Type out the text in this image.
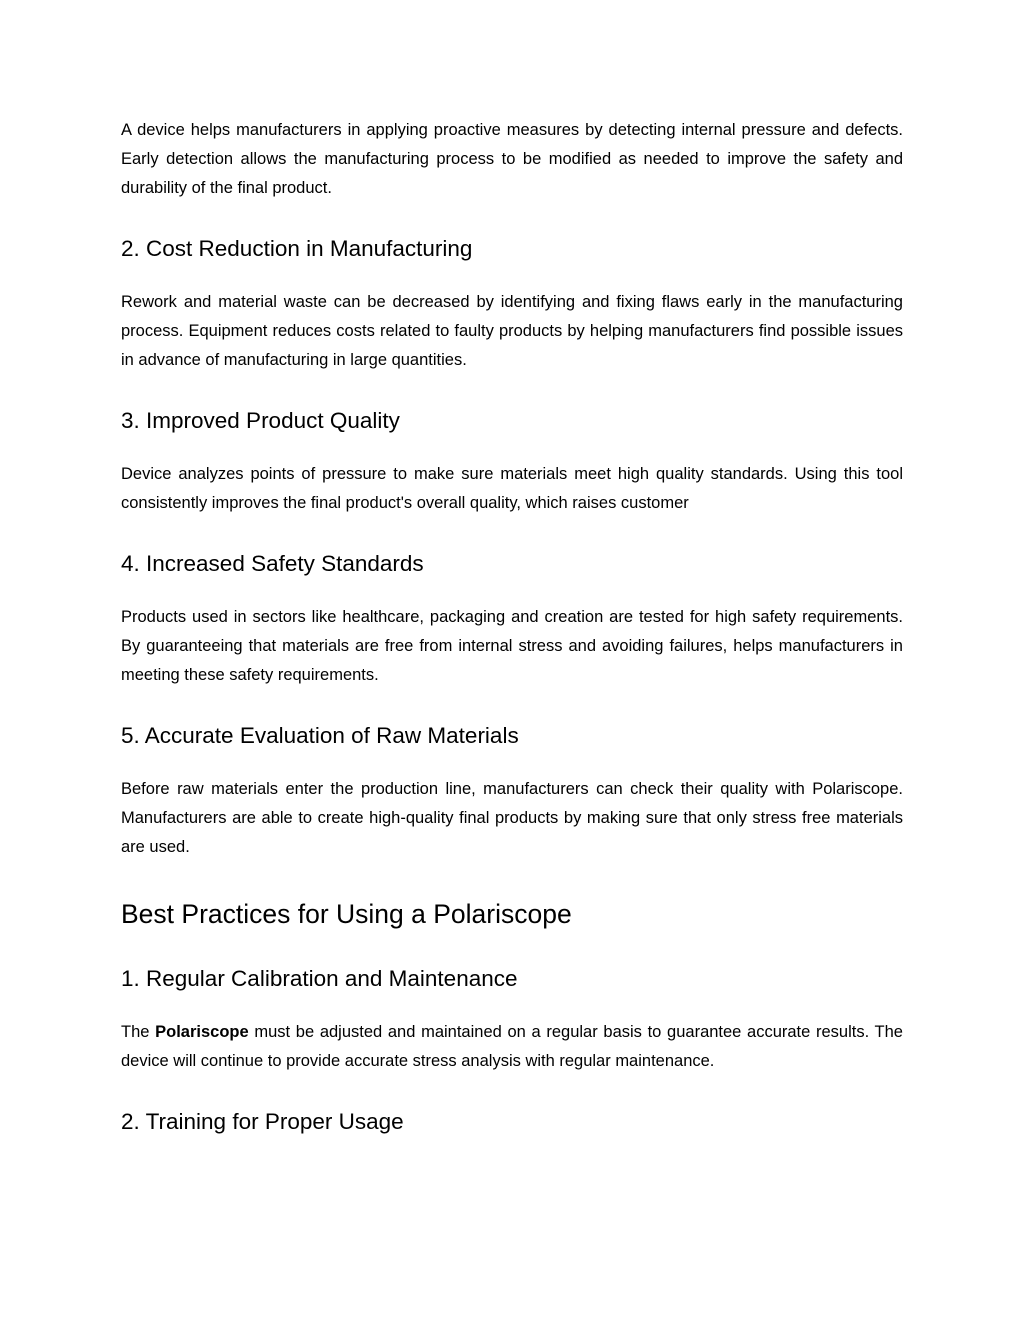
A device helps manufacturers in applying proactive measures by detecting internal pressure and defects. Early detection allows the manufacturing process to be modified as needed to improve the safety and durability of the final product.

2. Cost Reduction in Manufacturing

Rework and material waste can be decreased by identifying and fixing flaws early in the manufacturing process. Equipment reduces costs related to faulty products by helping manufacturers find possible issues in advance of manufacturing in large quantities.

3. Improved Product Quality

Device analyzes points of pressure to make sure materials meet high quality standards. Using this tool consistently improves the final product's overall quality, which raises customer

4. Increased Safety Standards

Products used in sectors like healthcare, packaging and creation are tested for high safety requirements. By guaranteeing that materials are free from internal stress and avoiding failures, helps manufacturers in meeting these safety requirements.

5. Accurate Evaluation of Raw Materials

Before raw materials enter the production line, manufacturers can check their quality with Polariscope. Manufacturers are able to create high-quality final products by making sure that only stress free materials are used.

Best Practices for Using a Polariscope
1. Regular Calibration and Maintenance

The Polariscope must be adjusted and maintained on a regular basis to guarantee accurate results. The device will continue to provide accurate stress analysis with regular maintenance.

2. Training for Proper Usage
